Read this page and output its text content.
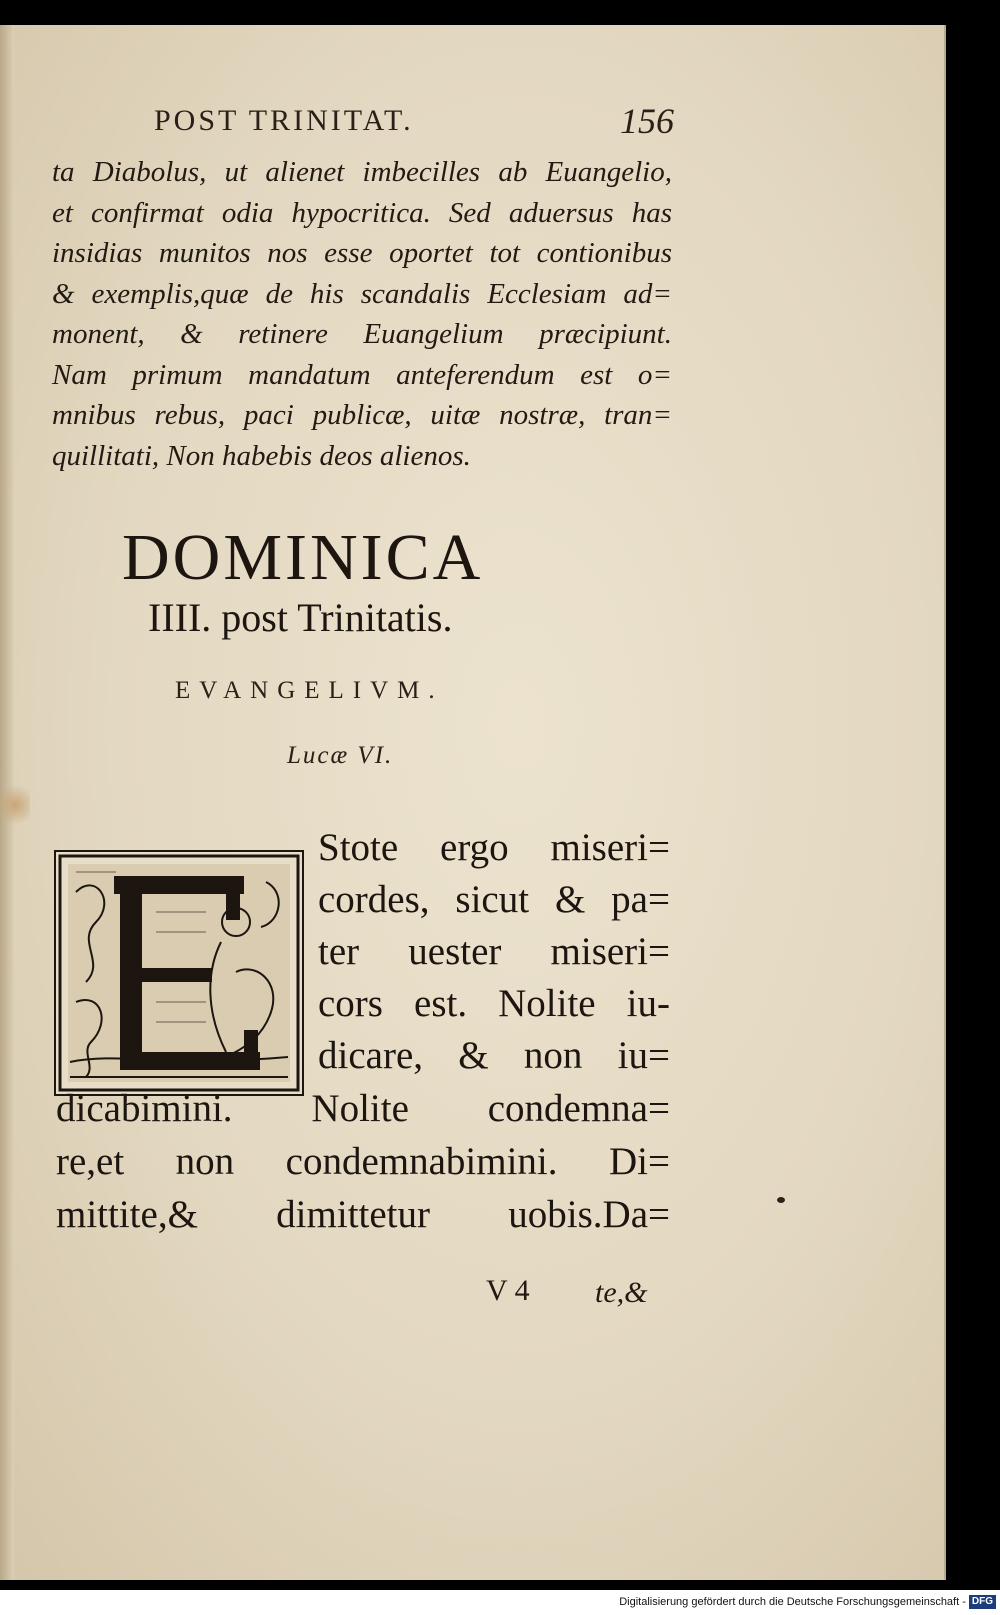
POST TRINITAT.	156
ta Diabolus, ut alienet imbecilles ab Euangelio,
et confirmat odia hypocritica. Sed aduersus has
insidias munitos nos esse oportet tot contionibus
& exemplis,quæ de his scandalis Ecclesiam ad=
monent, & retinere Euangelium præcipiunt.
Nam primum mandatum anteferendum est o=
mnibus rebus, paci publicæ, uitæ nostræ, tran=
quillitati, Non habebis deos alienos.
DOMINICA
IIII. post Trinitatis.
EVANGELIVM.
Lucæ VI.
Stote ergo miseri=
cordes, sicut & pa=
ter uester miseri=
cors est. Nolite iu-
dicare, & non iu=
dicabimini. Nolite condemna=
re,et non condemnabimini. Di=
mittite,& dimittetur uobis.Da=
V 4 te,&
Digitalisierung gefördert durch die Deutsche Forschungsgemeinschaft - DFG
